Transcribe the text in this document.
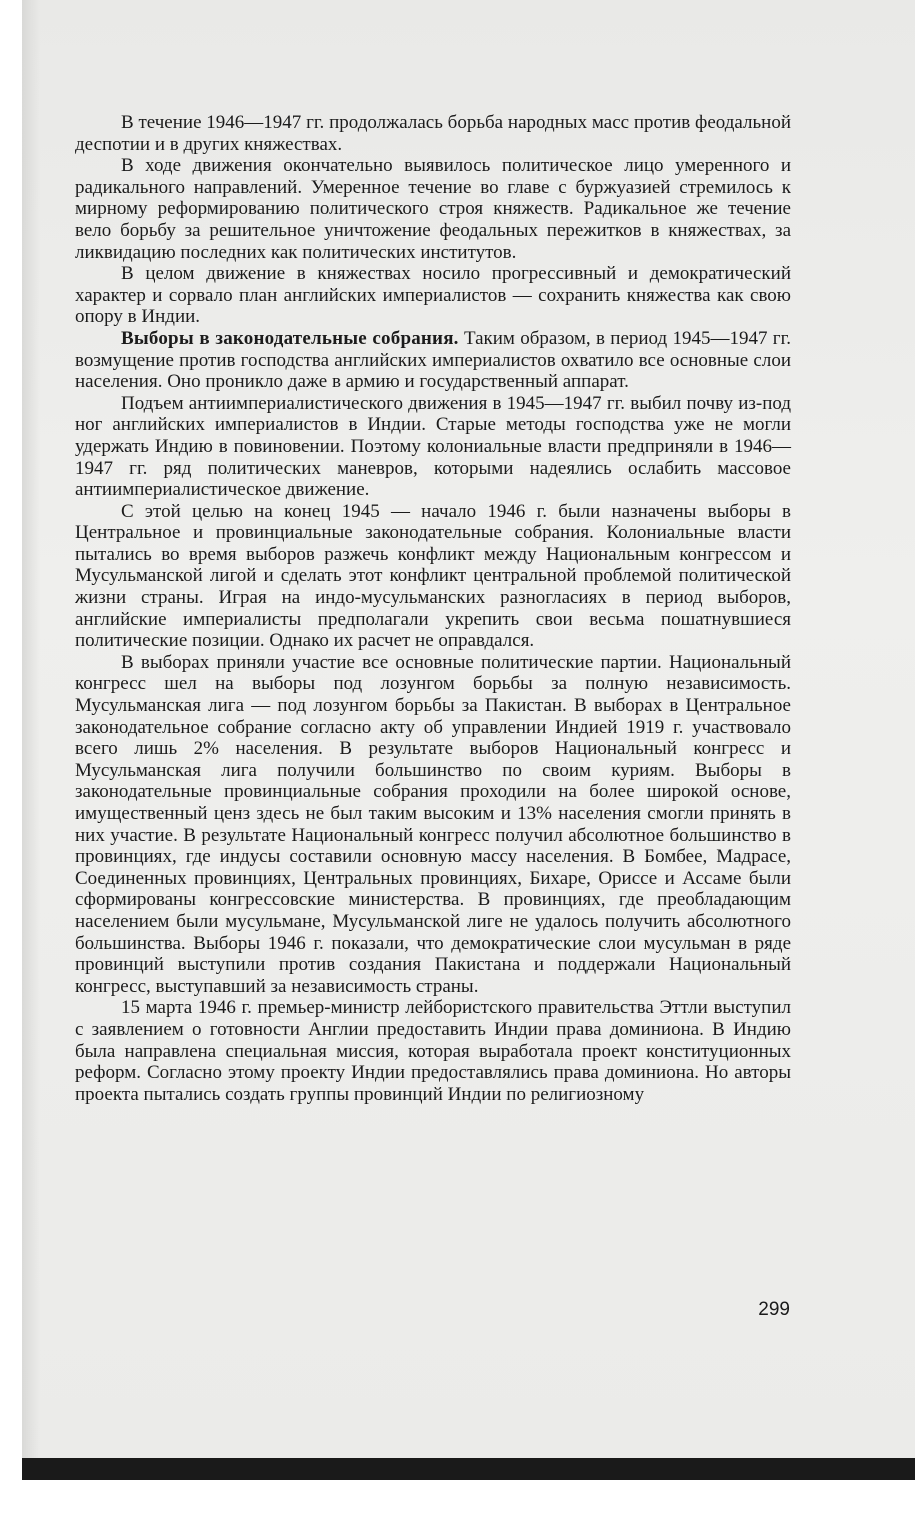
В течение 1946—1947 гг. продолжалась борьба народных масс против феодальной деспотии и в других княжествах.

В ходе движения окончательно выявилось политическое лицо умеренного и радикального направлений. Умеренное течение во главе с буржуазией стремилось к мирному реформированию политического строя княжеств. Радикальное же течение вело борьбу за решительное уничтожение феодальных пережитков в княжествах, за ликвидацию последних как политических институтов.

В целом движение в княжествах носило прогрессивный и демократический характер и сорвало план английских империалистов — сохранить княжества как свою опору в Индии.

Выборы в законодательные собрания. Таким образом, в период 1945—1947 гг. возмущение против господства английских империалистов охватило все основные слои населения. Оно проникло даже в армию и государственный аппарат.

Подъем антиимпериалистического движения в 1945—1947 гг. выбил почву из-под ног английских империалистов в Индии. Старые методы господства уже не могли удержать Индию в повиновении. Поэтому колониальные власти предприняли в 1946—1947 гг. ряд политических маневров, которыми надеялись ослабить массовое антиимпериалистическое движение.

С этой целью на конец 1945 — начало 1946 г. были назначены выборы в Центральное и провинциальные законодательные собрания. Колониальные власти пытались во время выборов разжечь конфликт между Национальным конгрессом и Мусульманской лигой и сделать этот конфликт центральной проблемой политической жизни страны. Играя на индо-мусульманских разногласиях в период выборов, английские империалисты предполагали укрепить свои весьма пошатнувшиеся политические позиции. Однако их расчет не оправдался.

В выборах приняли участие все основные политические партии. Национальный конгресс шел на выборы под лозунгом борьбы за полную независимость. Мусульманская лига — под лозунгом борьбы за Пакистан. В выборах в Центральное законодательное собрание согласно акту об управлении Индией 1919 г. участвовало всего лишь 2% населения. В результате выборов Национальный конгресс и Мусульманская лига получили большинство по своим куриям. Выборы в законодательные провинциальные собрания проходили на более широкой основе, имущественный ценз здесь не был таким высоким и 13% населения смогли принять в них участие. В результате Национальный конгресс получил абсолютное большинство в провинциях, где индусы составили основную массу населения. В Бомбее, Мадрасе, Соединенных провинциях, Центральных провинциях, Бихаре, Ориссе и Ассаме были сформированы конгрессовские министерства. В провинциях, где преобладающим населением были мусульмане, Мусульманской лиге не удалось получить абсолютного большинства. Выборы 1946 г. показали, что демократические слои мусульман в ряде провинций выступили против создания Пакистана и поддержали Национальный конгресс, выступавший за независимость страны.

15 марта 1946 г. премьер-министр лейбористского правительства Эттли выступил с заявлением о готовности Англии предоставить Индии права доминиона. В Индию была направлена специальная миссия, которая выработала проект конституционных реформ. Согласно этому проекту Индии предоставлялись права доминиона. Но авторы проекта пытались создать группы провинций Индии по религиозному

299
